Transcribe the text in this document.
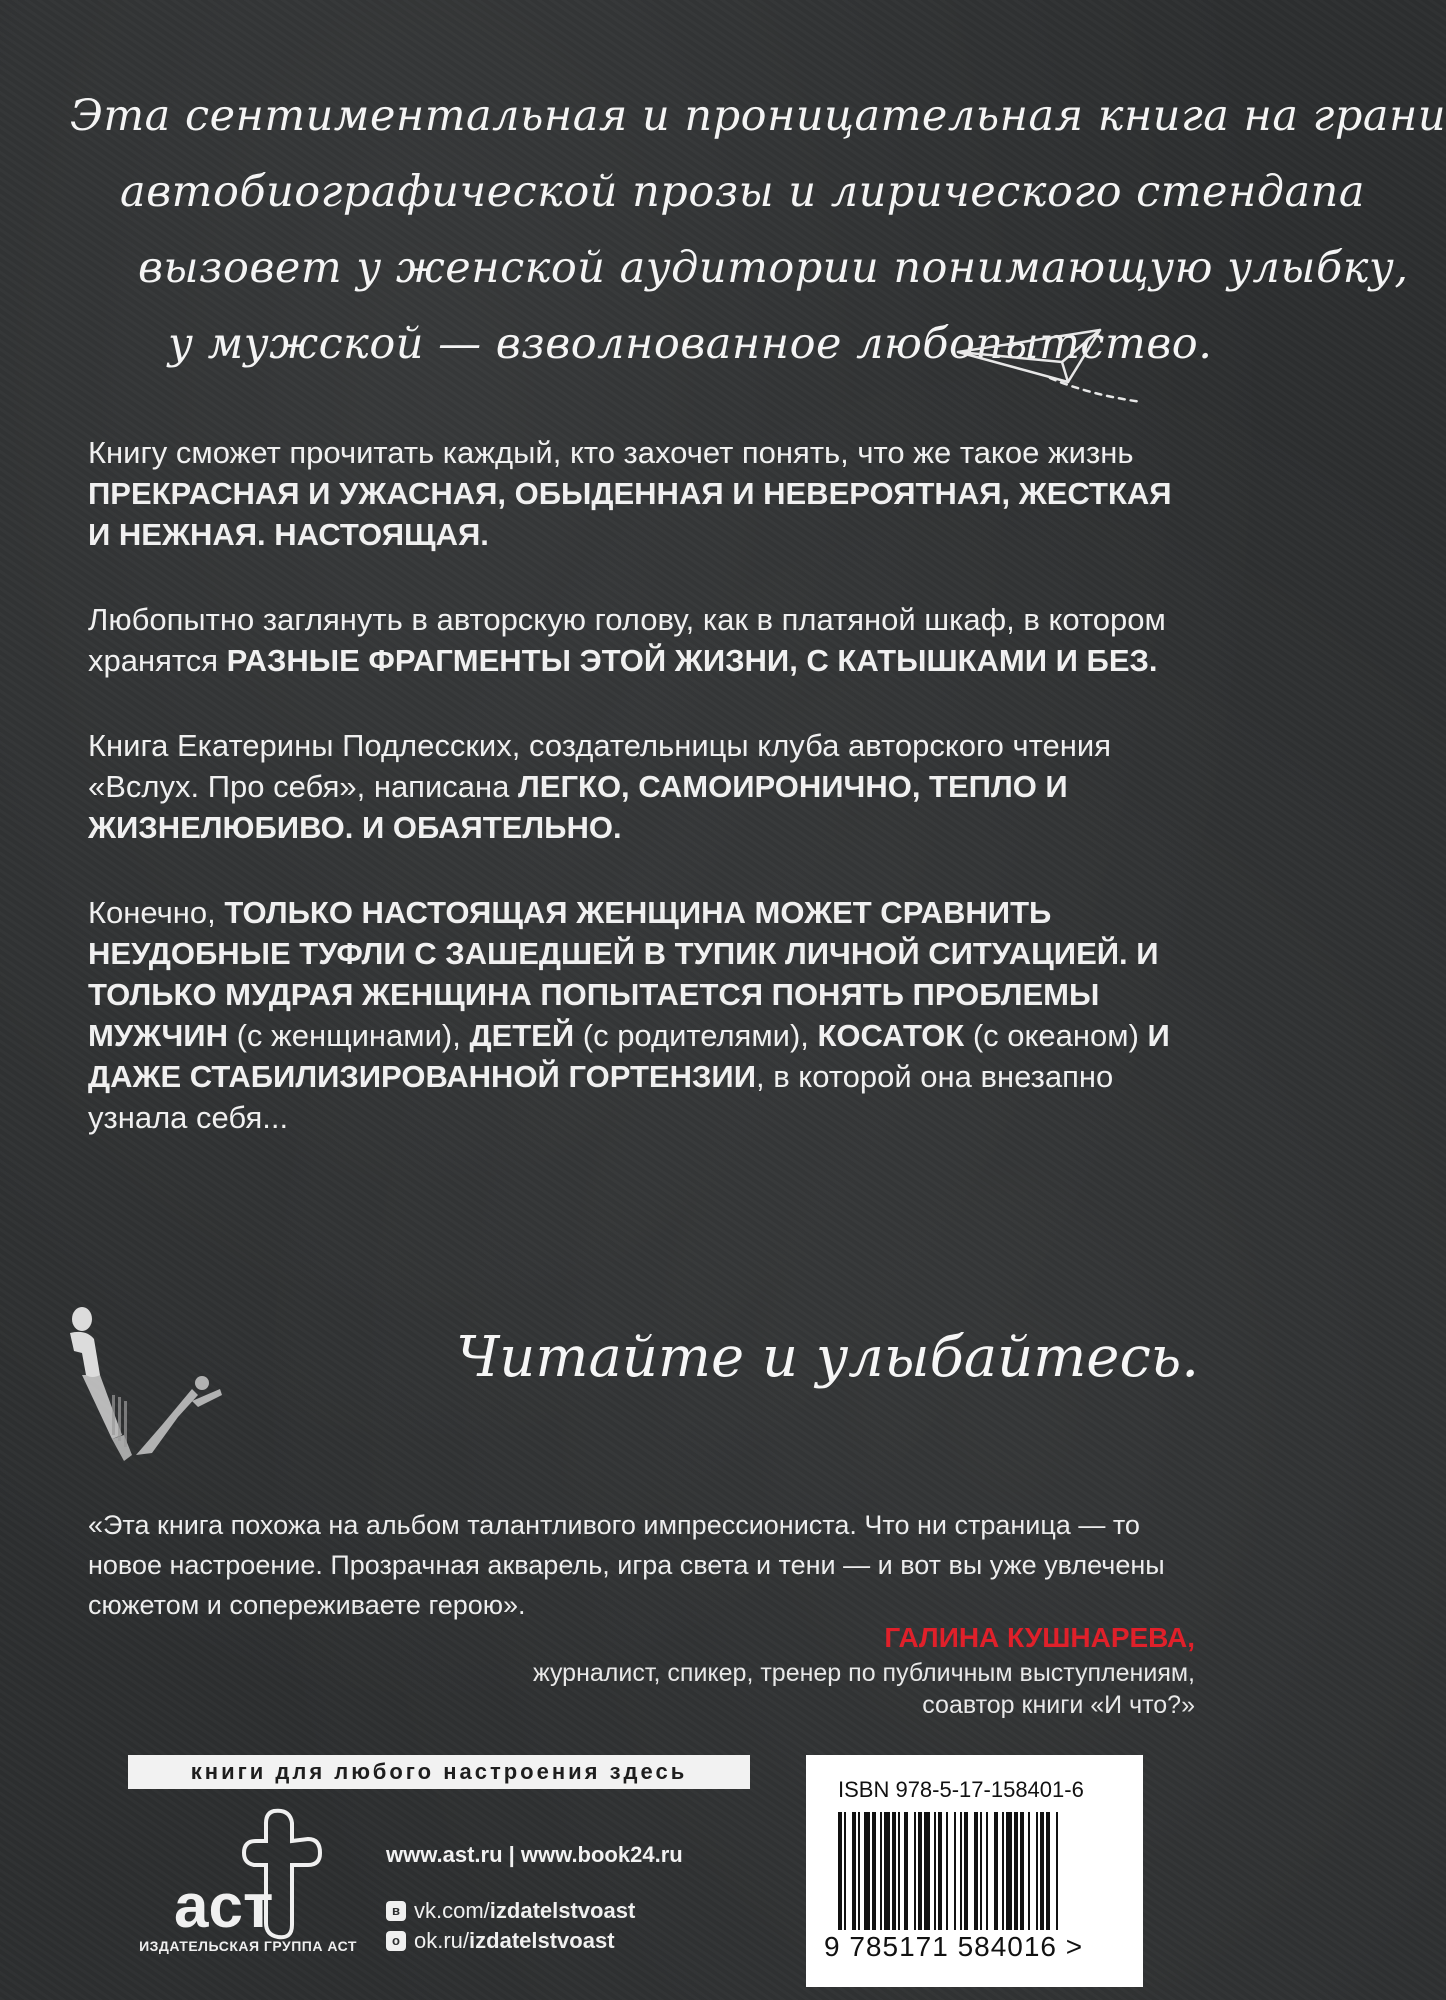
Эта сентиментальная и проницательная книга на грани
автобиографической прозы и лирического стендапа
вызовет у женской аудитории понимающую улыбку,
у мужской — взволнованное любопытство.

Книгу сможет прочитать каждый, кто захочет понять, что же такое жизнь ПРЕКРАСНАЯ И УЖАСНАЯ, ОБЫДЕННАЯ И НЕВЕРОЯТНАЯ, ЖЕСТКАЯ И НЕЖНАЯ. НАСТОЯЩАЯ.

Любопытно заглянуть в авторскую голову, как в платяной шкаф, в котором хранятся РАЗНЫЕ ФРАГМЕНТЫ ЭТОЙ ЖИЗНИ, С КАТЫШКАМИ И БЕЗ.

Книга Екатерины Подлесских, создательницы клуба авторского чтения «Вслух. Про себя», написана ЛЕГКО, САМОИРОНИЧНО, ТЕПЛО И ЖИЗНЕЛЮБИВО. И ОБАЯТЕЛЬНО.

Конечно, ТОЛЬКО НАСТОЯЩАЯ ЖЕНЩИНА МОЖЕТ СРАВНИТЬ НЕУДОБНЫЕ ТУФЛИ С ЗАШЕДШЕЙ В ТУПИК ЛИЧНОЙ СИТУАЦИЕЙ. И ТОЛЬКО МУДРАЯ ЖЕНЩИНА ПОПЫТАЕТСЯ ПОНЯТЬ ПРОБЛЕМЫ МУЖЧИН (с женщинами), ДЕТЕЙ (с родителями), КОСАТОК (с океаном) И ДАЖЕ СТАБИЛИЗИРОВАННОЙ ГОРТЕНЗИИ, в которой она внезапно узнала себя...

Читайте и улыбайтесь.
«Эта книга похожа на альбом талантливого импрессиониста. Что ни страница — то новое настроение. Прозрачная акварель, игра света и тени — и вот вы уже увлечены сюжетом и сопереживаете герою».
ГАЛИНА КУШНАРЕВА,
журналист, спикер, тренер по публичным выступлениям,
соавтор книги «И что?»
книги для любого настроения здесь
аст
ИЗДАТЕЛЬСКАЯ ГРУППА АСТ
www.ast.ru | www.book24.ru
в vk.com/ izdatelstvoast
о ok.ru/ izdatelstvoast
ISBN 978-5-17-158401-6
9 785171 584016 >
